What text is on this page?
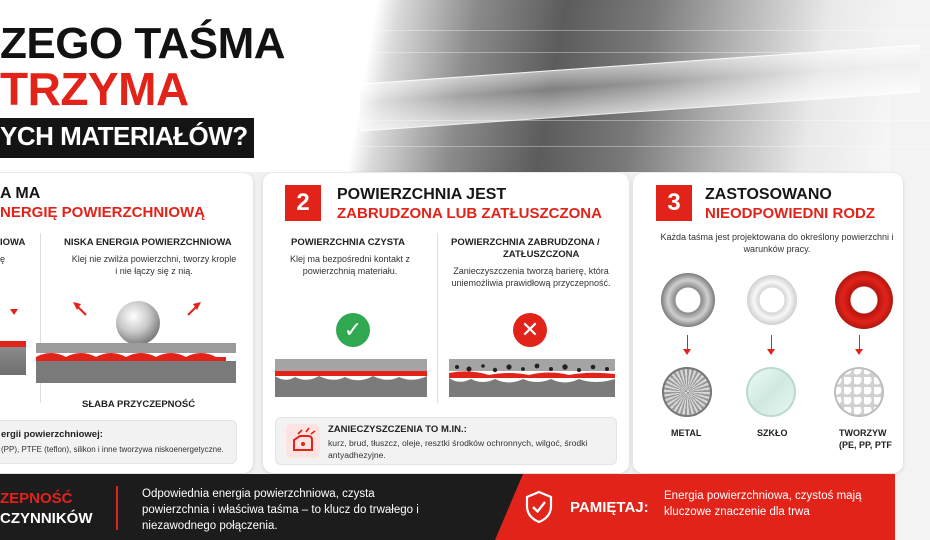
ZEGO TAŚMA
TRZYMA
YCH MATERIAŁÓW?
A MA
NERGIĘ POWIERZCHNIOWĄ
IOWA
ę
NISKA ENERGIA POWIERZCHNIOWA
Klej nie zwilża powierzchni, tworzy krople i nie łączy się z nią.
SŁABA PRZYCZEPNOŚĆ
ergii powierzchniowej:
(PP), PTFE (teflon), silikon i inne tworzywa niskoenergetyczne.
2	POWIERZCHNIA JEST
ZABRUDZONA LUB ZATŁUSZCZONA
POWIERZCHNIA CZYSTA
Klej ma bezpośredni kontakt z powierzchnią materiału.
POWIERZCHNIA ZABRUDZONA /
ZATŁUSZCZONA
Zanieczyszczenia tworzą barierę, która uniemożliwia prawidłową przyczepność.
✓	✕
ZANIECZYSZCZENIA TO M.IN.:
kurz, brud, tłuszcz, oleje, resztki środków ochronnych, wilgoć, środki antyadhezyjne.
3	ZASTOSOWANO
NIEODPOWIEDNI RODZ
Każda taśma jest projektowana do określony powierzchni i warunków pracy.
METAL	SZKŁO	TWORZYW
(PE, PP, PTF
ZEPNOŚĆ
CZYNNIKÓW
Odpowiednia energia powierzchniowa, czysta powierzchnia i właściwa taśma – to klucz do trwałego i niezawodnego połączenia.
PAMIĘTAJ:
Energia powierzchniowa, czystoś mają kluczowe znaczenie dla trwa
